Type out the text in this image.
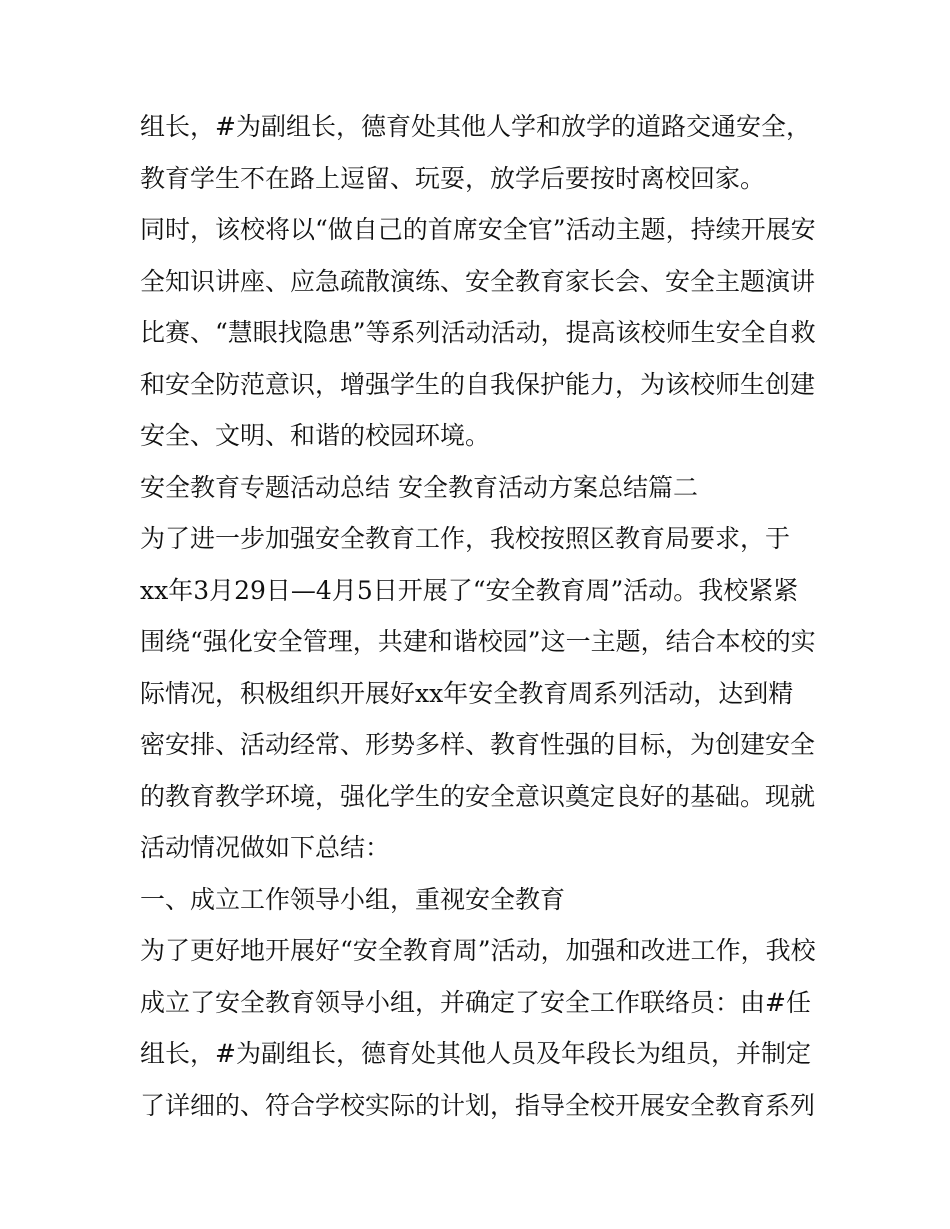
组长，#为副组长，德育处其他人学和放学的道路交通安全，
教育学生不在路上逗留、玩耍，放学后要按时离校回家。
同时，该校将以“做自己的首席安全官”活动主题，持续开展安
全知识讲座、应急疏散演练、安全教育家长会、安全主题演讲
比赛、“慧眼找隐患”等系列活动活动，提高该校师生安全自救
和安全防范意识，增强学生的自我保护能力，为该校师生创建
安全、文明、和谐的校园环境。
安全教育专题活动总结 安全教育活动方案总结篇二
为了进一步加强安全教育工作，我校按照区教育局要求，于
xx年3月29日—4月5日开展了“安全教育周”活动。我校紧紧
围绕“强化安全管理，共建和谐校园”这一主题，结合本校的实
际情况，积极组织开展好xx年安全教育周系列活动，达到精
密安排、活动经常、形势多样、教育性强的目标，为创建安全
的教育教学环境，强化学生的安全意识奠定良好的基础。现就
活动情况做如下总结：
一、成立工作领导小组，重视安全教育
为了更好地开展好“安全教育周”活动，加强和改进工作，我校
成立了安全教育领导小组，并确定了安全工作联络员：由#任
组长，#为副组长，德育处其他人员及年段长为组员，并制定
了详细的、符合学校实际的计划，指导全校开展安全教育系列
